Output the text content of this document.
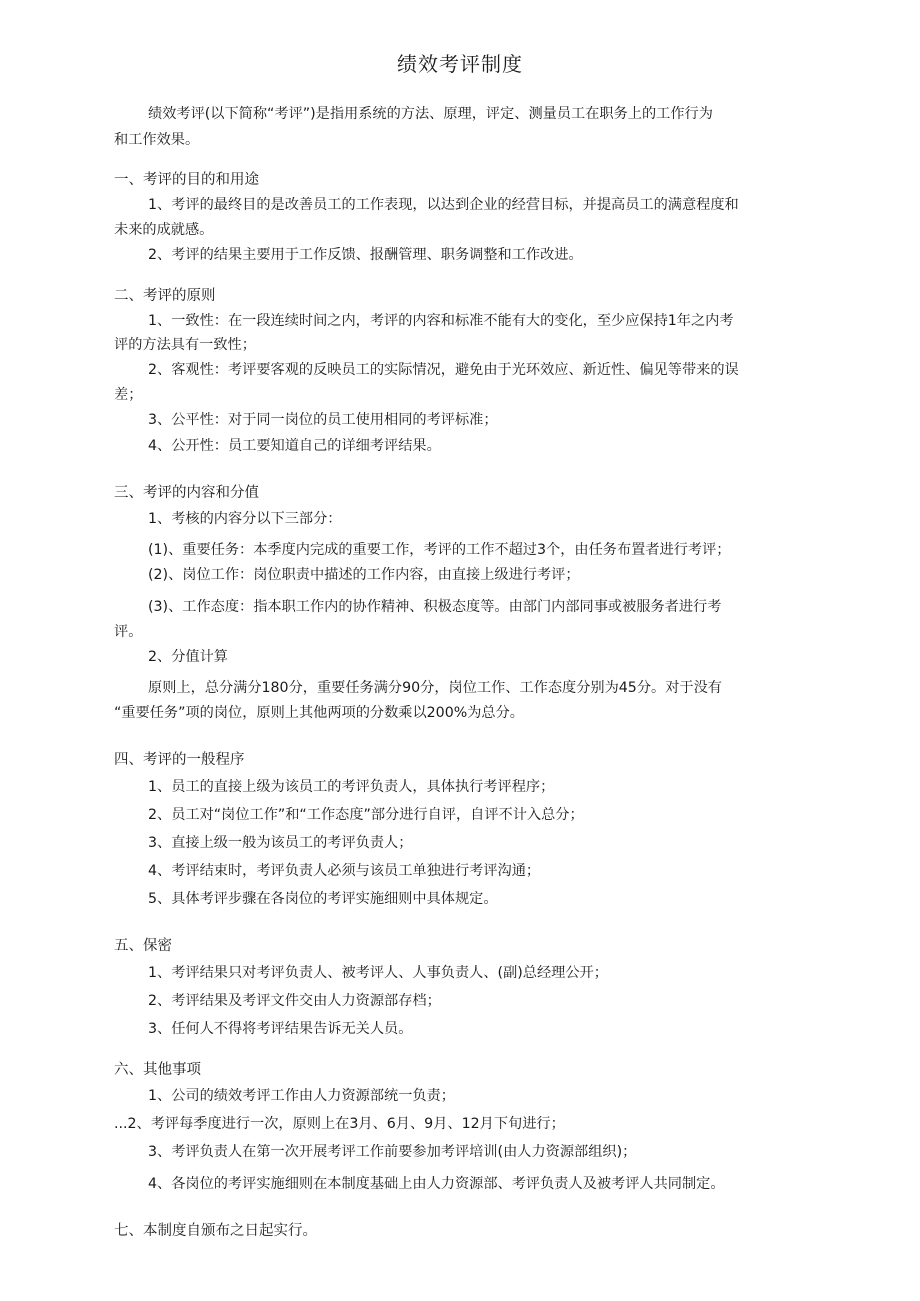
绩效考评制度
绩效考评(以下简称“考评”)是指用系统的方法、原理，评定、测量员工在职务上的工作行为
和工作效果。
一、考评的目的和用途
1、考评的最终目的是改善员工的工作表现，以达到企业的经营目标，并提高员工的满意程度和
未来的成就感。
2、考评的结果主要用于工作反馈、报酬管理、职务调整和工作改进。
二、考评的原则
1、一致性：在一段连续时间之内，考评的内容和标准不能有大的变化，至少应保持1年之内考
评的方法具有一致性；
2、客观性：考评要客观的反映员工的实际情况，避免由于光环效应、新近性、偏见等带来的误
差；
3、公平性：对于同一岗位的员工使用相同的考评标准；
4、公开性：员工要知道自己的详细考评结果。
三、考评的内容和分值
1、考核的内容分以下三部分：
(1)、重要任务：本季度内完成的重要工作，考评的工作不超过3个，由任务布置者进行考评；
(2)、岗位工作：岗位职责中描述的工作内容，由直接上级进行考评；
(3)、工作态度：指本职工作内的协作精神、积极态度等。由部门内部同事或被服务者进行考
评。
2、分值计算
原则上，总分满分180分，重要任务满分90分，岗位工作、工作态度分别为45分。对于没有
“重要任务”项的岗位，原则上其他两项的分数乘以200%为总分。
四、考评的一般程序
1、员工的直接上级为该员工的考评负责人，具体执行考评程序；
2、员工对“岗位工作”和“工作态度”部分进行自评，自评不计入总分；
3、直接上级一般为该员工的考评负责人；
4、考评结束时，考评负责人必须与该员工单独进行考评沟通；
5、具体考评步骤在各岗位的考评实施细则中具体规定。
五、保密
1、考评结果只对考评负责人、被考评人、人事负责人、(副)总经理公开；
2、考评结果及考评文件交由人力资源部存档；
3、任何人不得将考评结果告诉无关人员。
六、其他事项
1、公司的绩效考评工作由人力资源部统一负责；
...2、考评每季度进行一次，原则上在3月、6月、9月、12月下旬进行；
3、考评负责人在第一次开展考评工作前要参加考评培训(由人力资源部组织)；
4、各岗位的考评实施细则在本制度基础上由人力资源部、考评负责人及被考评人共同制定。
七、本制度自颁布之日起实行。
